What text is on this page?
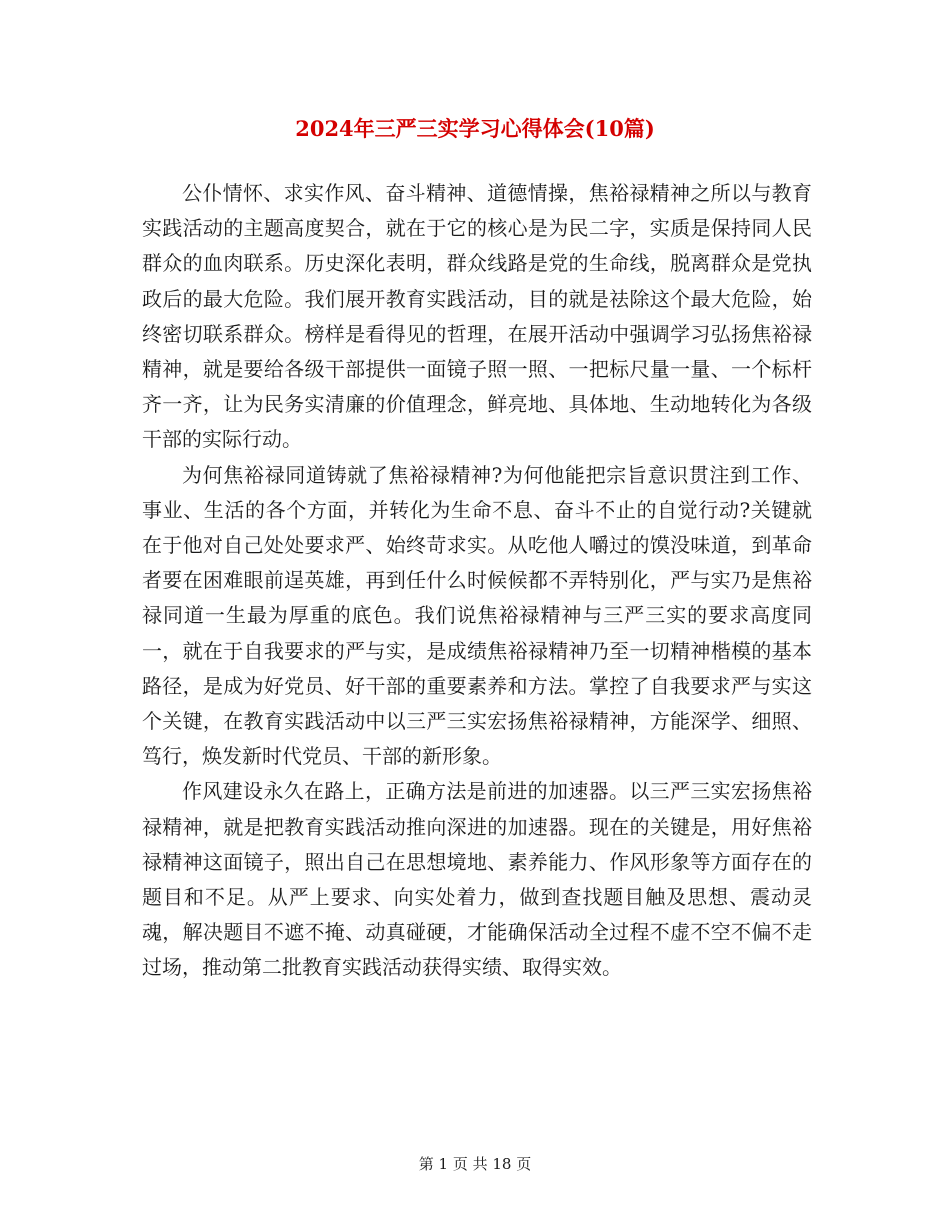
2024年三严三实学习心得体会(10篇)

公仆情怀、求实作风、奋斗精神、道德情操，焦裕禄精神之所以与教育实践活动的主题高度契合，就在于它的核心是为民二字，实质是保持同人民群众的血肉联系。历史深化表明，群众线路是党的生命线，脱离群众是党执政后的最大危险。我们展开教育实践活动，目的就是祛除这个最大危险，始终密切联系群众。榜样是看得见的哲理，在展开活动中强调学习弘扬焦裕禄精神，就是要给各级干部提供一面镜子照一照、一把标尺量一量、一个标杆齐一齐，让为民务实清廉的价值理念，鲜亮地、具体地、生动地转化为各级干部的实际行动。

为何焦裕禄同道铸就了焦裕禄精神?为何他能把宗旨意识贯注到工作、事业、生活的各个方面，并转化为生命不息、奋斗不止的自觉行动?关键就在于他对自己处处要求严、始终苛求实。从吃他人嚼过的馍没味道，到革命者要在困难眼前逞英雄，再到任什么时候候都不弄特别化，严与实乃是焦裕禄同道一生最为厚重的底色。我们说焦裕禄精神与三严三实的要求高度同一，就在于自我要求的严与实，是成绩焦裕禄精神乃至一切精神楷模的基本路径，是成为好党员、好干部的重要素养和方法。掌控了自我要求严与实这个关键，在教育实践活动中以三严三实宏扬焦裕禄精神，方能深学、细照、笃行，焕发新时代党员、干部的新形象。

作风建设永久在路上，正确方法是前进的加速器。以三严三实宏扬焦裕禄精神，就是把教育实践活动推向深进的加速器。现在的关键是，用好焦裕禄精神这面镜子，照出自己在思想境地、素养能力、作风形象等方面存在的题目和不足。从严上要求、向实处着力，做到查找题目触及思想、震动灵魂，解决题目不遮不掩、动真碰硬，才能确保活动全过程不虚不空不偏不走过场，推动第二批教育实践活动获得实绩、取得实效。

第 1 页 共 18 页
